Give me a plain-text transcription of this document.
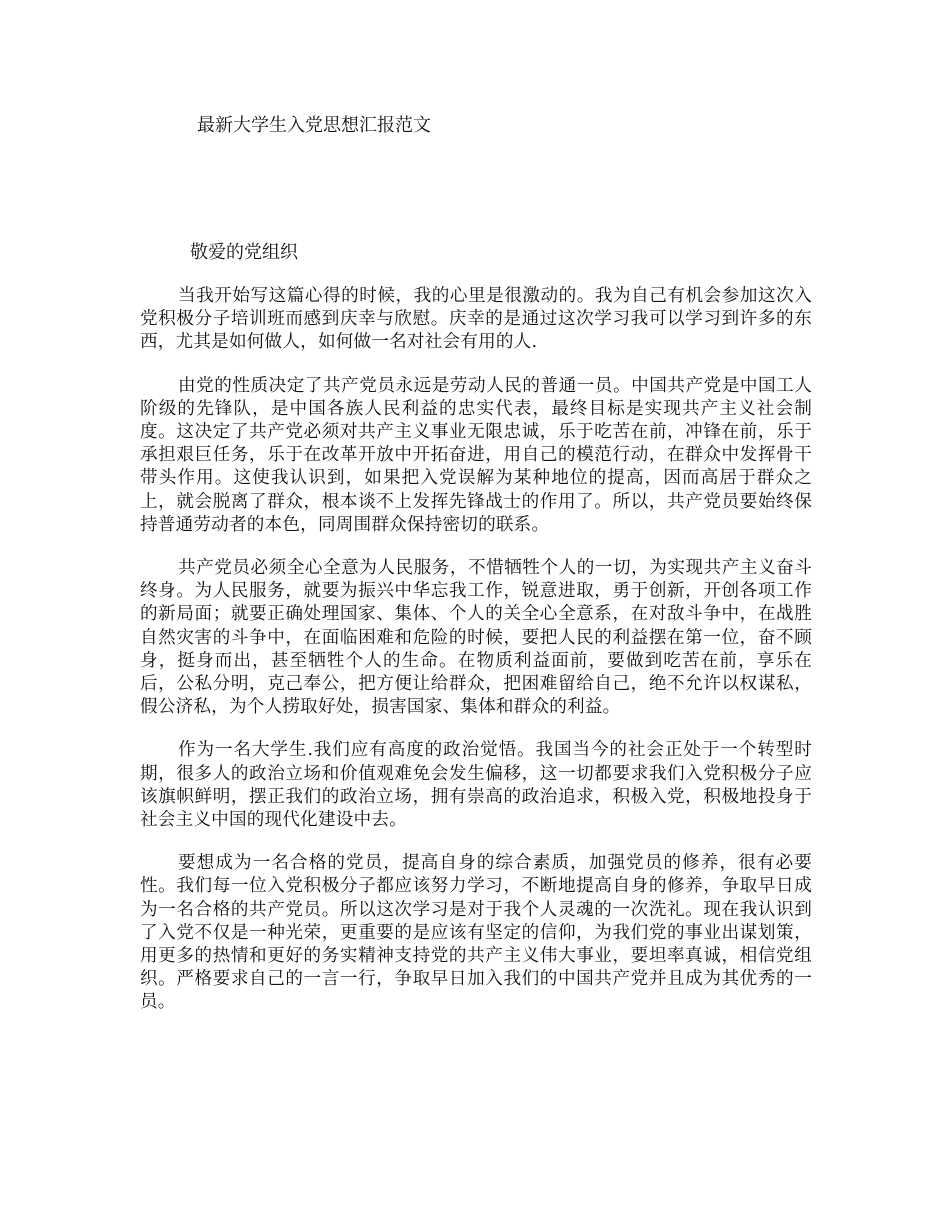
最新大学生入党思想汇报范文

敬爱的党组织

当我开始写这篇心得的时候，我的心里是很激动的。我为自己有机会参加这次入党积极分子培训班而感到庆幸与欣慰。庆幸的是通过这次学习我可以学习到许多的东西，尤其是如何做人，如何做一名对社会有用的人.

由党的性质决定了共产党员永远是劳动人民的普通一员。中国共产党是中国工人阶级的先锋队，是中国各族人民利益的忠实代表，最终目标是实现共产主义社会制度。这决定了共产党必须对共产主义事业无限忠诚，乐于吃苦在前，冲锋在前，乐于承担艰巨任务，乐于在改革开放中开拓奋进，用自己的模范行动，在群众中发挥骨干带头作用。这使我认识到，如果把入党误解为某种地位的提高，因而高居于群众之上，就会脱离了群众，根本谈不上发挥先锋战士的作用了。所以，共产党员要始终保持普通劳动者的本色，同周围群众保持密切的联系。

共产党员必须全心全意为人民服务，不惜牺牲个人的一切，为实现共产主义奋斗终身。为人民服务，就要为振兴中华忘我工作，锐意进取，勇于创新，开创各项工作的新局面；就要正确处理国家、集体、个人的关全心全意系，在对敌斗争中，在战胜自然灾害的斗争中，在面临困难和危险的时候，要把人民的利益摆在第一位，奋不顾身，挺身而出，甚至牺牲个人的生命。在物质利益面前，要做到吃苦在前，享乐在后，公私分明，克己奉公，把方便让给群众，把困难留给自己，绝不允许以权谋私，假公济私，为个人捞取好处，损害国家、集体和群众的利益。

作为一名大学生.我们应有高度的政治觉悟。我国当今的社会正处于一个转型时期，很多人的政治立场和价值观难免会发生偏移，这一切都要求我们入党积极分子应该旗帜鲜明，摆正我们的政治立场，拥有崇高的政治追求，积极入党，积极地投身于社会主义中国的现代化建设中去。

要想成为一名合格的党员，提高自身的综合素质，加强党员的修养，很有必要性。我们每一位入党积极分子都应该努力学习，不断地提高自身的修养，争取早日成为一名合格的共产党员。所以这次学习是对于我个人灵魂的一次洗礼。现在我认识到了入党不仅是一种光荣，更重要的是应该有坚定的信仰，为我们党的事业出谋划策，用更多的热情和更好的务实精神支持党的共产主义伟大事业，要坦率真诚，相信党组织。严格要求自己的一言一行，争取早日加入我们的中国共产党并且成为其优秀的一员。
